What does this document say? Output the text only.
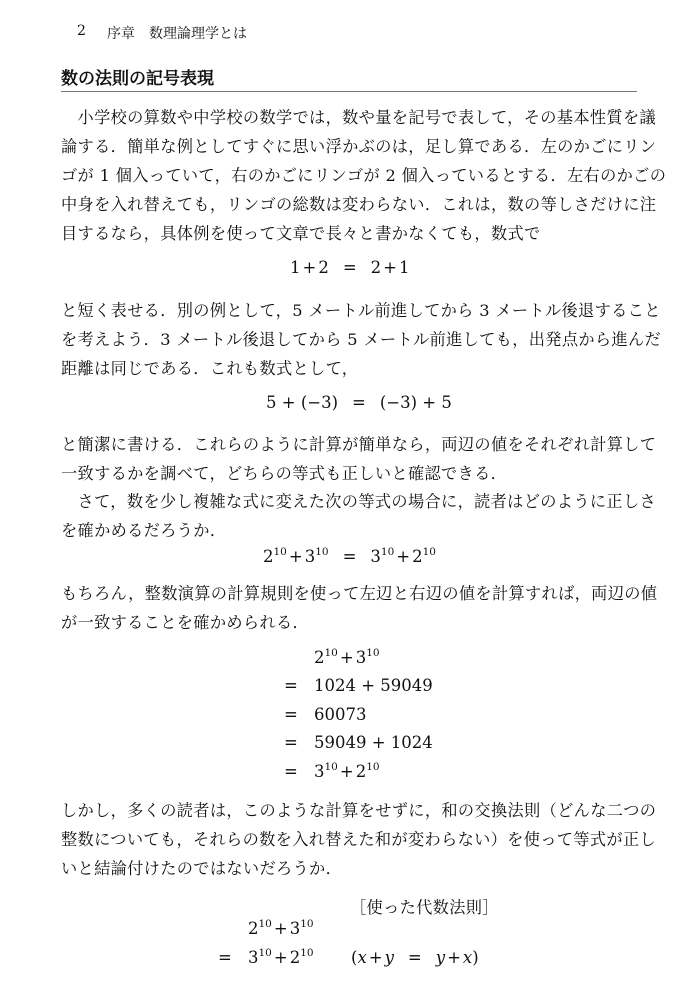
2 序章　数理論理学とは
数の法則の記号表現
　小学校の算数や中学校の数学では，数や量を記号で表して，その基本性質を議
論する．簡単な例としてすぐに思い浮かぶのは，足し算である．左のかごにリン
ゴが 1 個入っていて，右のかごにリンゴが 2 個入っているとする．左右のかごの
中身を入れ替えても，リンゴの総数は変わらない．これは，数の等しさだけに注
目するなら，具体例を使って文章で長々と書かなくても，数式で
1 + 2 = 2 + 1
と短く表せる．別の例として，5 メートル前進してから 3 メートル後退すること
を考えよう．3 メートル後退してから 5 メートル前進しても，出発点から進んだ
距離は同じである．これも数式として，
5 + (−3) = (−3) + 5
と簡潔に書ける．これらのように計算が簡単なら，両辺の値をそれぞれ計算して
一致するかを調べて，どちらの等式も正しいと確認できる．
　さて，数を少し複雑な式に変えた次の等式の場合に，読者はどのように正しさ
を確かめるだろうか．
$2^{10} + 3^{10} = 3^{10} + 2^{10}$
もちろん，整数演算の計算規則を使って左辺と右辺の値を計算すれば，両辺の値
が一致することを確かめられる．
$2^{10} + 3^{10}$
= 1024 + 59049
= 60073
= 59049 + 1024
= $3^{10} + 2^{10}$
しかし，多くの読者は，このような計算をせずに，和の交換法則（どんな二つの
整数についても，それらの数を入れ替えた和が変わらない）を使って等式が正し
いと結論付けたのではないだろうか．
［使った代数法則］
$2^{10} + 3^{10}$
= $3^{10} + 2^{10}$ (x + y = y + x)
